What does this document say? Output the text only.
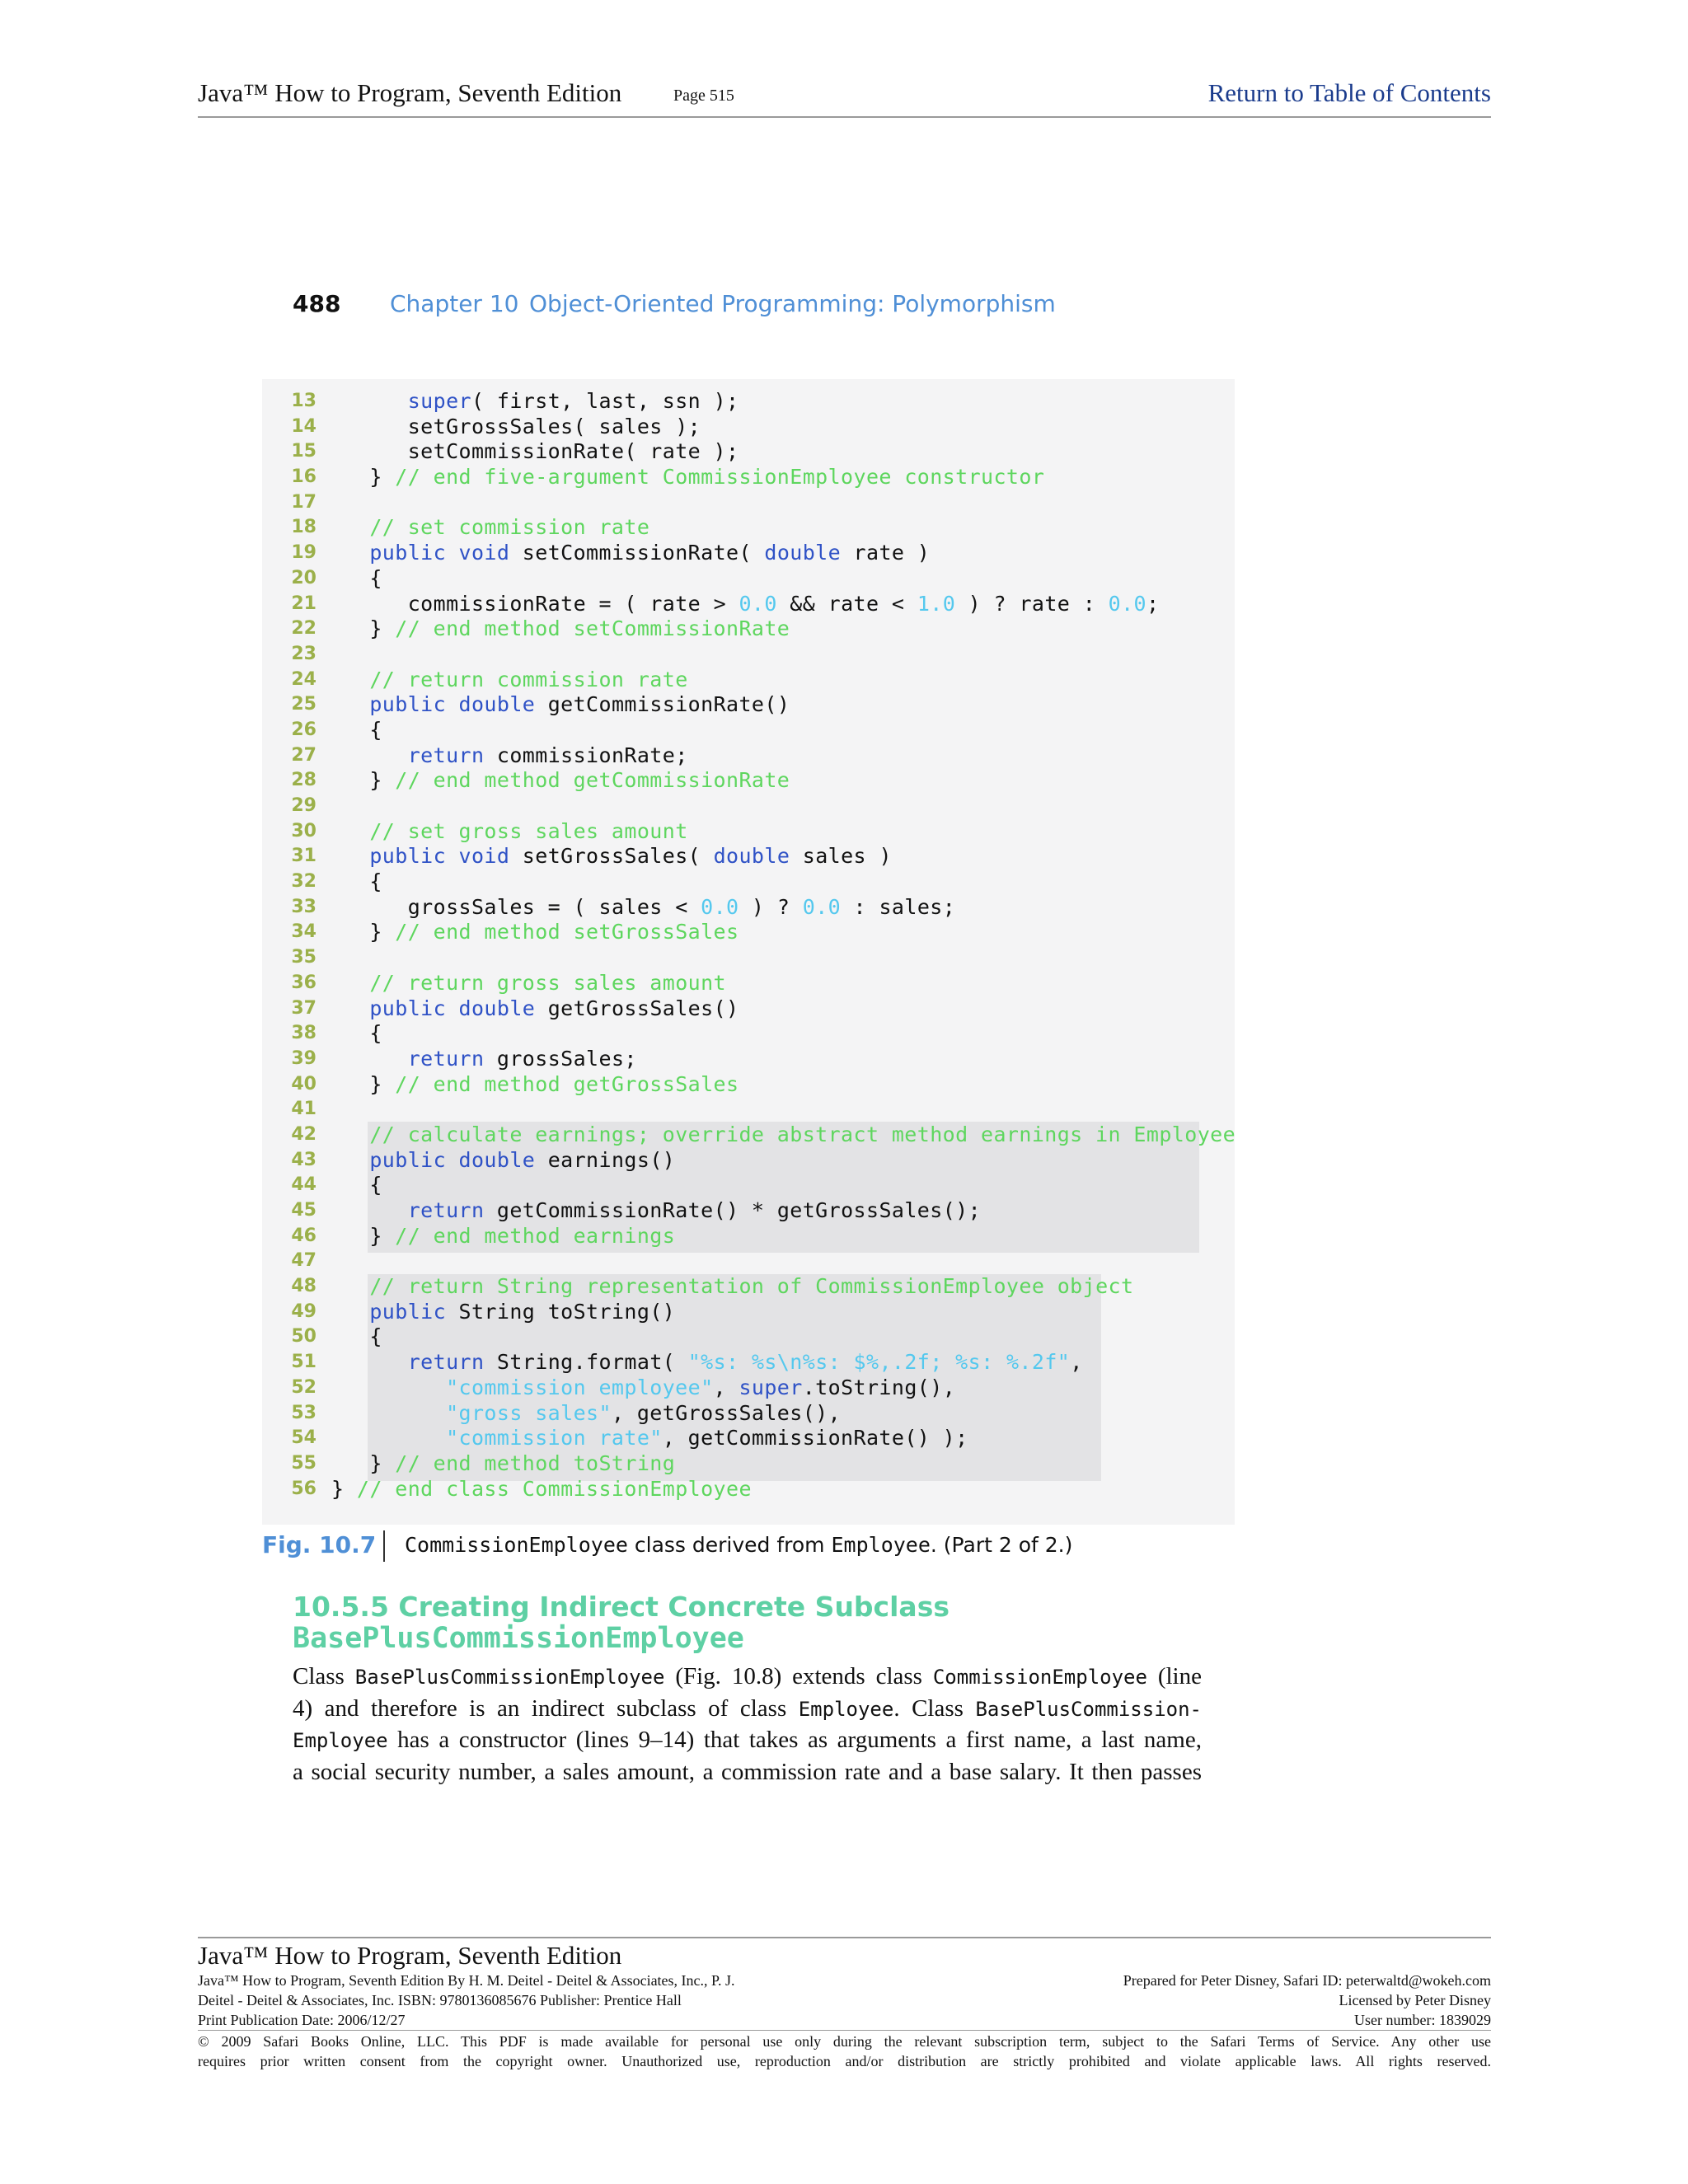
Java™ How to Program, Seventh Edition	Page 515	Return to Table of Contents
488 Chapter 10 Object-Oriented Programming: Polymorphism
13	super( first, last, ssn );
14	setGrossSales( sales );
15	setCommissionRate( rate );
16 } // end five-argument CommissionEmployee constructor
17
18	// set commission rate
19	public void setCommissionRate( double rate )
20 {
21	commissionRate = ( rate > 0.0 && rate < 1.0 ) ? rate : 0.0;
22 } // end method setCommissionRate
23
24	// return commission rate
25	public double getCommissionRate()
26 {
27	return commissionRate;
28 } // end method getCommissionRate
29
30	// set gross sales amount
31	public void setGrossSales( double sales )
32 {
33	grossSales = ( sales < 0.0 ) ? 0.0 : sales;
34 } // end method setGrossSales
35
36	// return gross sales amount
37	public double getGrossSales()
38 {
39	return grossSales;
40 } // end method getGrossSales
41
42	// calculate earnings; override abstract method earnings in Employee
43	public double earnings()
44 {
45	return getCommissionRate() * getGrossSales();
46 } // end method earnings
47
48	// return String representation of CommissionEmployee object
49	public String toString()
50 {
51	return String.format( "%s: %s\n%s: $%,.2f; %s: %.2f",
52	"commission employee", super.toString(),
53	"gross sales", getGrossSales(),
54	"commission rate", getCommissionRate() );
55 } // end method toString
56 } // end class CommissionEmployee
Fig. 10.7 CommissionEmployee class derived from Employee. (Part 2 of 2.)
10.5.5 Creating Indirect Concrete Subclass
BasePlusCommissionEmployee
Class BasePlusCommissionEmployee (Fig. 10.8) extends class CommissionEmployee (line
4) and therefore is an indirect subclass of class Employee. Class BasePlusCommission-
Employee has a constructor (lines 9–14) that takes as arguments a first name, a last name,
a social security number, a sales amount, a commission rate and a base salary. It then passes
Java™ How to Program, Seventh Edition
Java™ How to Program, Seventh Edition By H. M. Deitel - Deitel & Associates, Inc., P. J.
Deitel - Deitel & Associates, Inc. ISBN: 9780136085676 Publisher: Prentice Hall
Print Publication Date: 2006/12/27
Prepared for Peter Disney, Safari ID: peterwaltd@wokeh.com
Licensed by Peter Disney
User number: 1839029
© 2009 Safari Books Online, LLC. This PDF is made available for personal use only during the relevant subscription term, subject to the Safari Terms of Service. Any other use
requires prior written consent from the copyright owner. Unauthorized use, reproduction and/or distribution are strictly prohibited and violate applicable laws. All rights reserved.
